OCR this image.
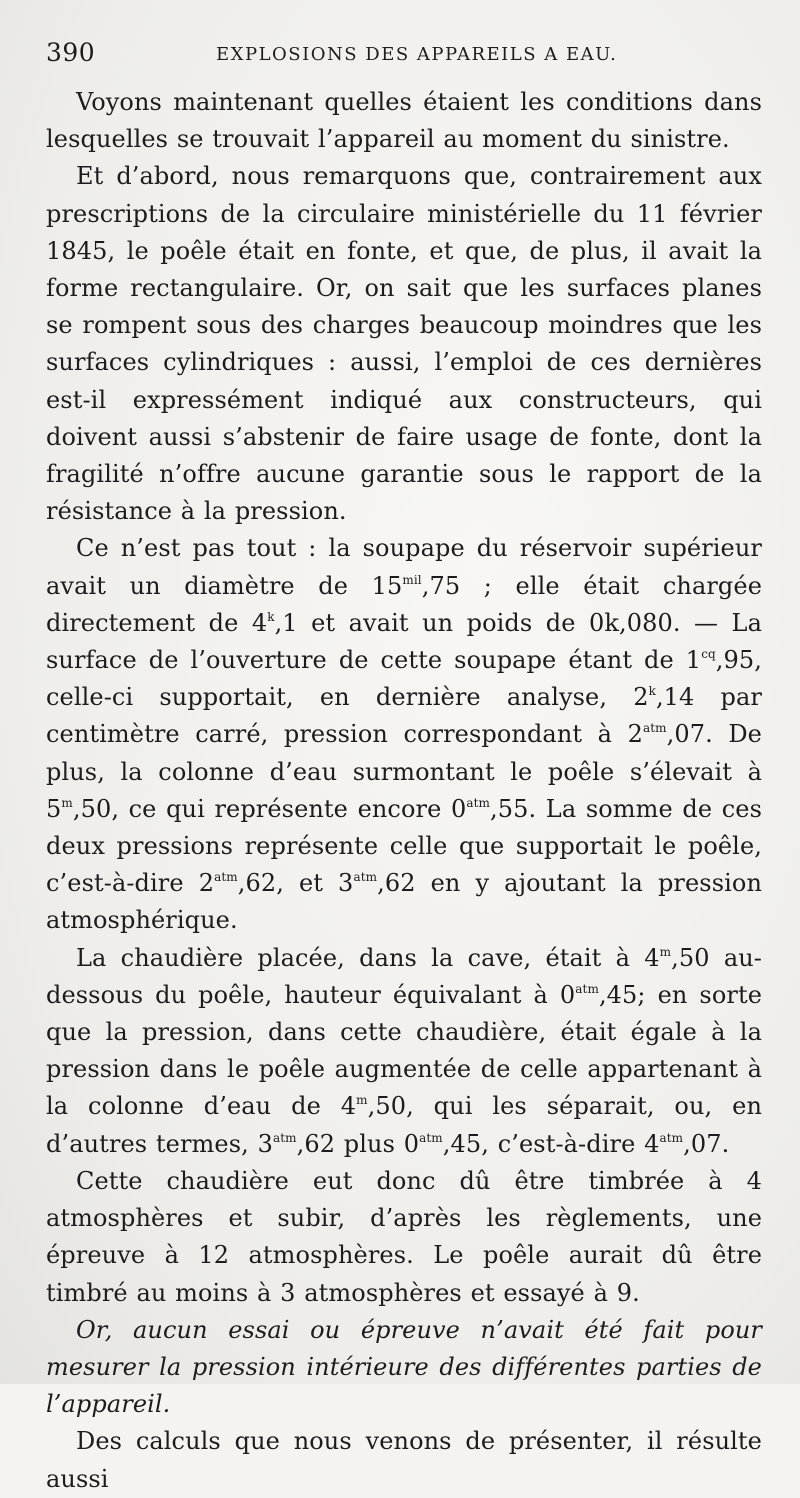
390	EXPLOSIONS DES APPAREILS A EAU.

Voyons maintenant quelles étaient les conditions dans lesquelles se trouvait l’appareil au moment du sinistre.

Et d’abord, nous remarquons que, contrairement aux prescriptions de la circulaire ministérielle du 11 février 1845, le poêle était en fonte, et que, de plus, il avait la forme rectangulaire. Or, on sait que les surfaces planes se rompent sous des charges beaucoup moindres que les surfaces cylindriques : aussi, l’emploi de ces dernières est-il expressément indiqué aux constructeurs, qui doivent aussi s’abstenir de faire usage de fonte, dont la fragilité n’offre aucune garantie sous le rapport de la résistance à la pression.

Ce n’est pas tout : la soupape du réservoir supérieur avait un diamètre de $15^{mil},75$ ; elle était chargée directement de 4$^k$,1 et avait un poids de 0k,080. — La surface de l’ouverture de cette soupape étant de $1^{cq},95$, celle-ci supportait, en dernière analyse, 2$^k$,14 par centimètre carré, pression correspondant à $2^{atm},07$. De plus, la colonne d’eau surmontant le poêle s’élevait à 5$^m$,50, ce qui représente encore $0^{atm},55$. La somme de ces deux pressions représente celle que supportait le poêle, c’est-à-dire $2^{atm},62$, et $3^{atm},62$ en y ajoutant la pression atmosphérique.

La chaudière placée, dans la cave, était à 4$^m$,50 au-dessous du poêle, hauteur équivalant à $0^{atm},45$; en sorte que la pression, dans cette chaudière, était égale à la pression dans le poêle augmentée de celle appartenant à la colonne d’eau de 4$^m$,50, qui les séparait, ou, en d’autres termes, $3^{atm},62$ plus $0^{atm},45$, c’est-à-dire $4^{atm},07$.

Cette chaudière eut donc dû être timbrée à 4 atmosphères et subir, d’après les règlements, une épreuve à 12 atmosphères. Le poêle aurait dû être timbré au moins à 3 atmosphères et essayé à 9.

Or, aucun essai ou épreuve n’avait été fait pour mesurer la pression intérieure des différentes parties de l’appareil.

Des calculs que nous venons de présenter, il résulte aussi
